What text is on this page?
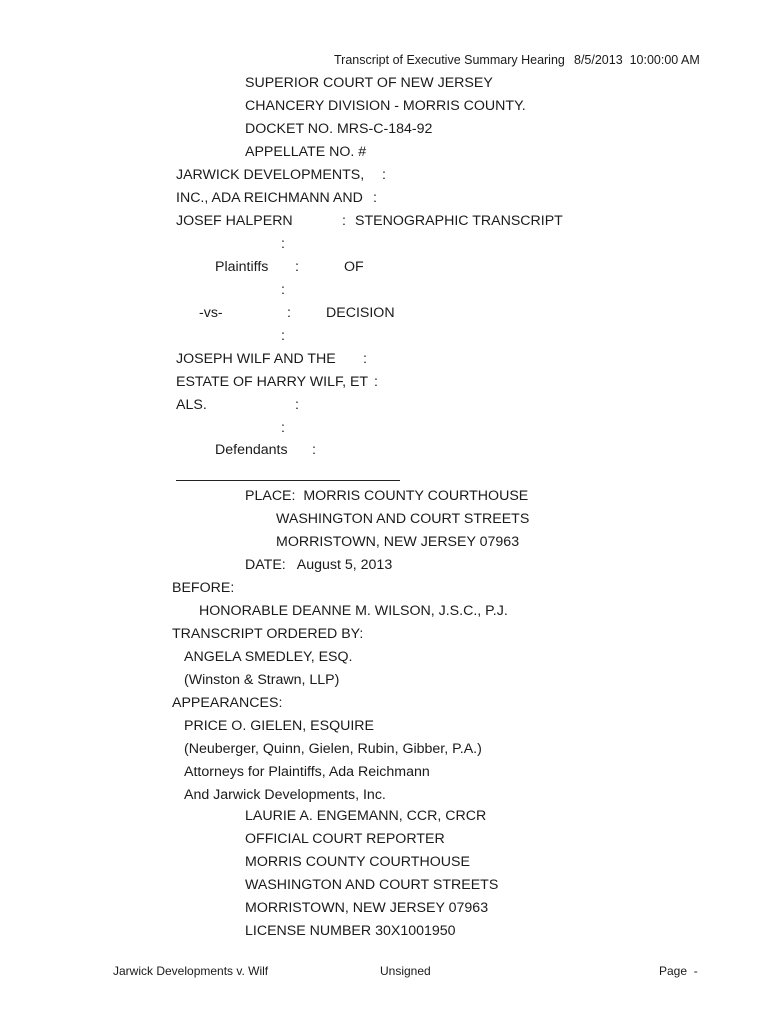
Transcript of Executive Summary Hearing 8/5/2013  10:00:00 AM
SUPERIOR COURT OF NEW JERSEY
CHANCERY DIVISION - MORRIS COUNTY.
DOCKET NO. MRS-C-184-92
APPELLATE NO. #
JARWICK DEVELOPMENTS, :
INC., ADA REICHMANN AND :
JOSEF HALPERN	: STENOGRAPHIC TRANSCRIPT
:
Plaintiffs :	OF
:
-vs-	: DECISION
:
JOSEPH WILF AND THE :
ESTATE OF HARRY WILF, ET :
ALS.	:
:
Defendants :
PLACE:  MORRIS COUNTY COURTHOUSE
WASHINGTON AND COURT STREETS
MORRISTOWN, NEW JERSEY 07963
DATE:   August 5, 2013
BEFORE:
HONORABLE DEANNE M. WILSON, J.S.C., P.J.
TRANSCRIPT ORDERED BY:
ANGELA SMEDLEY, ESQ.
(Winston & Strawn, LLP)
APPEARANCES:
PRICE O. GIELEN, ESQUIRE
(Neuberger, Quinn, Gielen, Rubin, Gibber, P.A.)
Attorneys for Plaintiffs, Ada Reichmann
And Jarwick Developments, Inc.
LAURIE A. ENGEMANN, CCR, CRCR
OFFICIAL COURT REPORTER
MORRIS COUNTY COURTHOUSE
WASHINGTON AND COURT STREETS
MORRISTOWN, NEW JERSEY 07963
LICENSE NUMBER 30X1001950
Jarwick Developments v. Wilf	Unsigned	Page  -
